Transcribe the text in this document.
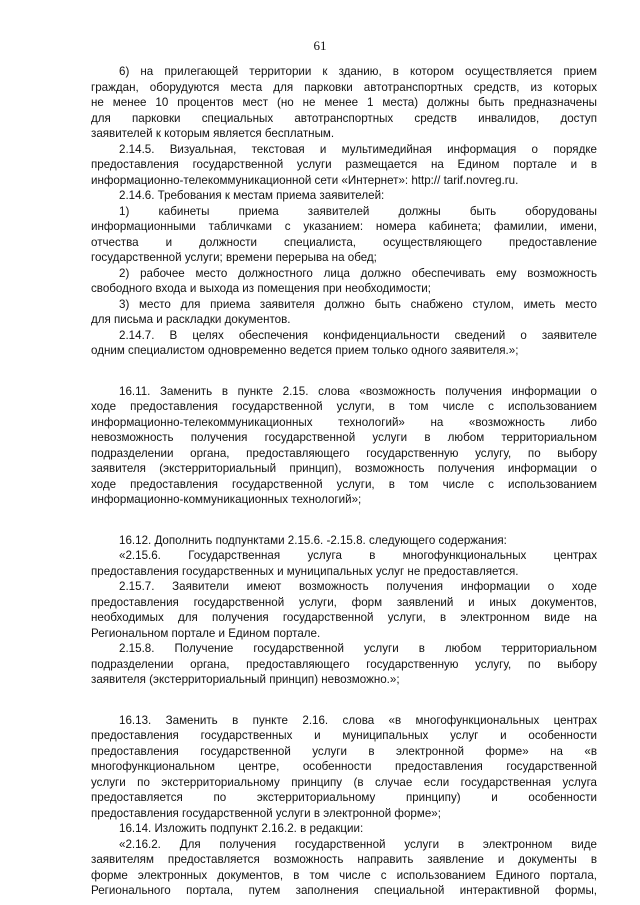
61

6) на прилегающей территории к зданию, в котором осуществляется прием
граждан, оборудуются места для парковки автотранспортных средств, из которых
не менее 10 процентов мест (но не менее 1 места) должны быть предназначены
для парковки специальных автотранспортных средств инвалидов, доступ
заявителей к которым является бесплатным.

2.14.5. Визуальная, текстовая и мультимедийная информация о порядке
предоставления государственной услуги размещается на Едином портале и в
информационно-телекоммуникационной сети «Интернет»: http:// tarif.novreg.ru.

2.14.6. Требования к местам приема заявителей:

1) кабинеты приема заявителей должны быть оборудованы
информационными табличками с указанием: номера кабинета; фамилии, имени,
отчества и должности специалиста, осуществляющего предоставление
государственной услуги; времени перерыва на обед;

2) рабочее место должностного лица должно обеспечивать ему возможность
свободного входа и выхода из помещения при необходимости;

3) место для приема заявителя должно быть снабжено стулом, иметь место
для письма и раскладки документов.

2.14.7. В целях обеспечения конфиденциальности сведений о заявителе
одним специалистом одновременно ведется прием только одного заявителя.»;

16.11. Заменить в пункте 2.15. слова «возможность получения информации о
ходе предоставления государственной услуги, в том числе с использованием
информационно-телекоммуникационных технологий» на «возможность либо
невозможность получения государственной услуги в любом территориальном
подразделении органа, предоставляющего государственную услугу, по выбору
заявителя (экстерриториальный принцип), возможность получения информации о
ходе предоставления государственной услуги, в том числе с использованием
информационно-коммуникационных технологий»;

16.12. Дополнить подпунктами 2.15.6. -2.15.8. следующего содержания:

«2.15.6. Государственная услуга в многофункциональных центрах
предоставления государственных и муниципальных услуг не предоставляется.

2.15.7. Заявители имеют возможность получения информации о ходе
предоставления государственной услуги, форм заявлений и иных документов,
необходимых для получения государственной услуги, в электронном виде на
Региональном портале и Едином портале.

2.15.8. Получение государственной услуги в любом территориальном
подразделении органа, предоставляющего государственную услугу, по выбору
заявителя (экстерриториальный принцип) невозможно.»;

16.13. Заменить в пункте 2.16. слова «в многофункциональных центрах
предоставления государственных и муниципальных услуг и особенности
предоставления государственной услуги в электронной форме» на «в
многофункциональном центре, особенности предоставления государственной
услуги по экстерриториальному принципу (в случае если государственная услуга
предоставляется по экстерриториальному принципу) и особенности
предоставления государственной услуги в электронной форме»;

16.14. Изложить подпункт 2.16.2. в редакции:

«2.16.2. Для получения государственной услуги в электронном виде
заявителям предоставляется возможность направить заявление и документы в
форме электронных документов, в том числе с использованием Единого портала,
Регионального портала, путем заполнения специальной интерактивной формы,
